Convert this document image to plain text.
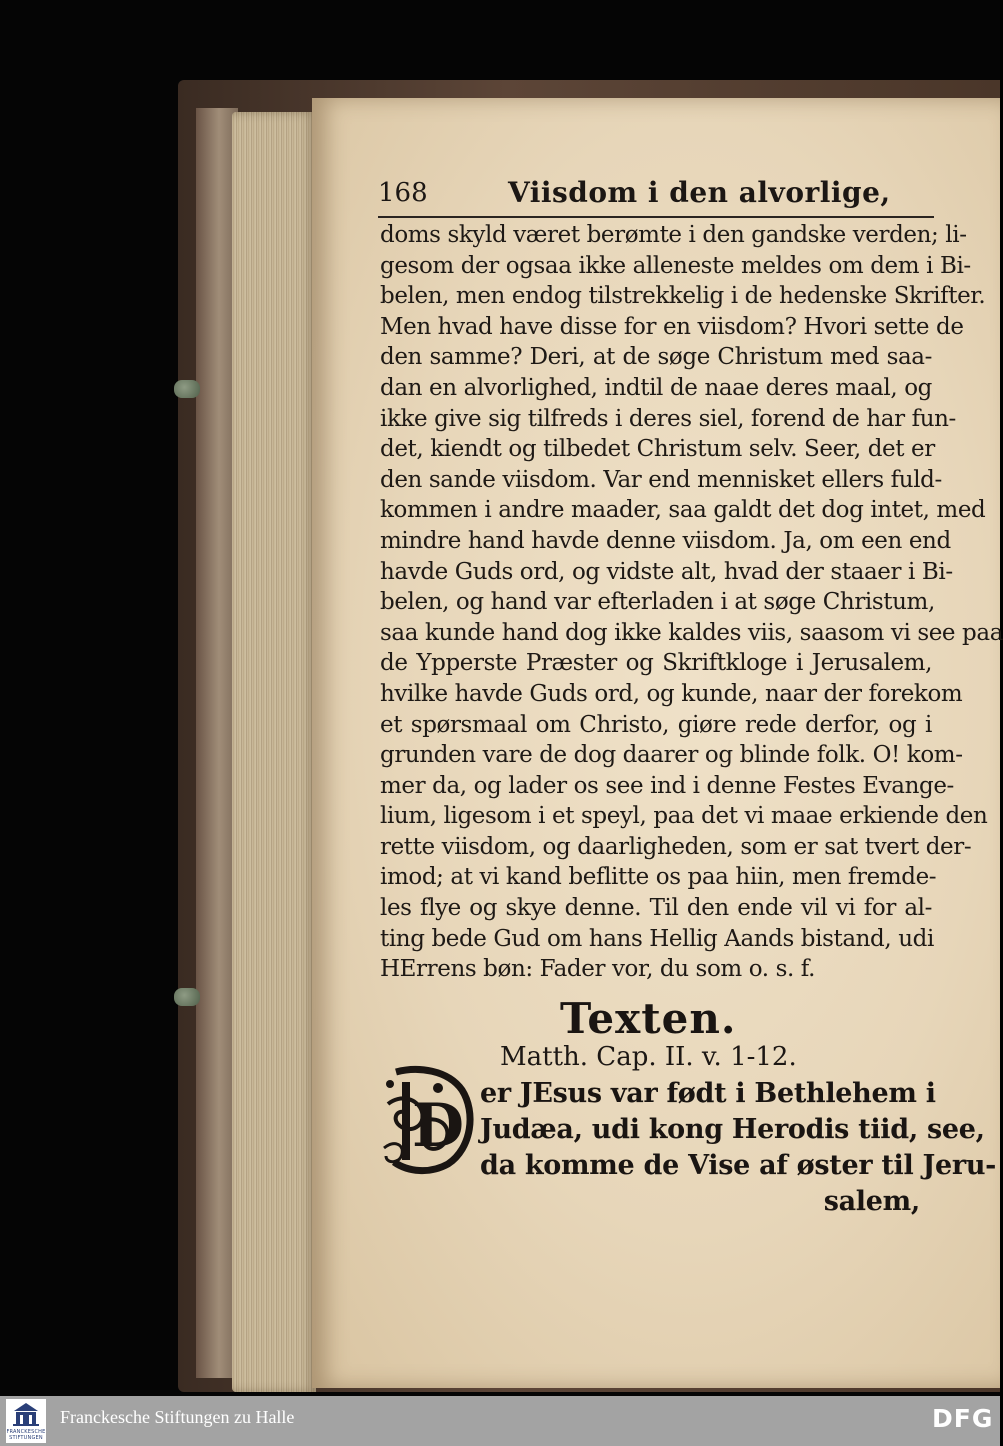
168	Viisdom i den alvorlige,
doms skyld været berømte i den gandske verden; li-
gesom der ogsaa ikke alleneste meldes om dem i Bi-
belen, men endog tilstrekkelig i de hedenske Skrifter.
Men hvad have disse for en viisdom? Hvori sette de
den samme? Deri, at de søge Christum med saa-
dan en alvorlighed, indtil de naae deres maal, og
ikke give sig tilfreds i deres siel, forend de har fun-
det, kiendt og tilbedet Christum selv. Seer, det er
den sande viisdom. Var end mennisket ellers fuld-
kommen i andre maader, saa galdt det dog intet, med
mindre hand havde denne viisdom. Ja, om een end
havde Guds ord, og vidste alt, hvad der staaer i Bi-
belen, og hand var efterladen i at søge Christum,
saa kunde hand dog ikke kaldes viis, saasom vi see paa
de Ypperste Præster og Skriftkloge i Jerusalem,
hvilke havde Guds ord, og kunde, naar der forekom
et spørsmaal om Christo, giøre rede derfor, og i
grunden vare de dog daarer og blinde folk. O! kom-
mer da, og lader os see ind i denne Festes Evange-
lium, ligesom i et speyl, paa det vi maae erkiende den
rette viisdom, og daarligheden, som er sat tvert der-
imod; at vi kand beflitte os paa hiin, men fremde-
les flye og skye denne. Til den ende vil vi for al-
ting bede Gud om hans Hellig Aands bistand, udi
HErrens bøn: Fader vor, du som o. s. f.
Texten.
Matth. Cap. II. v. 1-12.
D er JEsus var født i Bethlehem i
Judæa, udi kong Herodis tiid, see,
da komme de Vise af øster til Jeru-
salem,
FRANCKESCHE
STIFTUNGEN
Franckesche Stiftungen zu Halle	DFG
